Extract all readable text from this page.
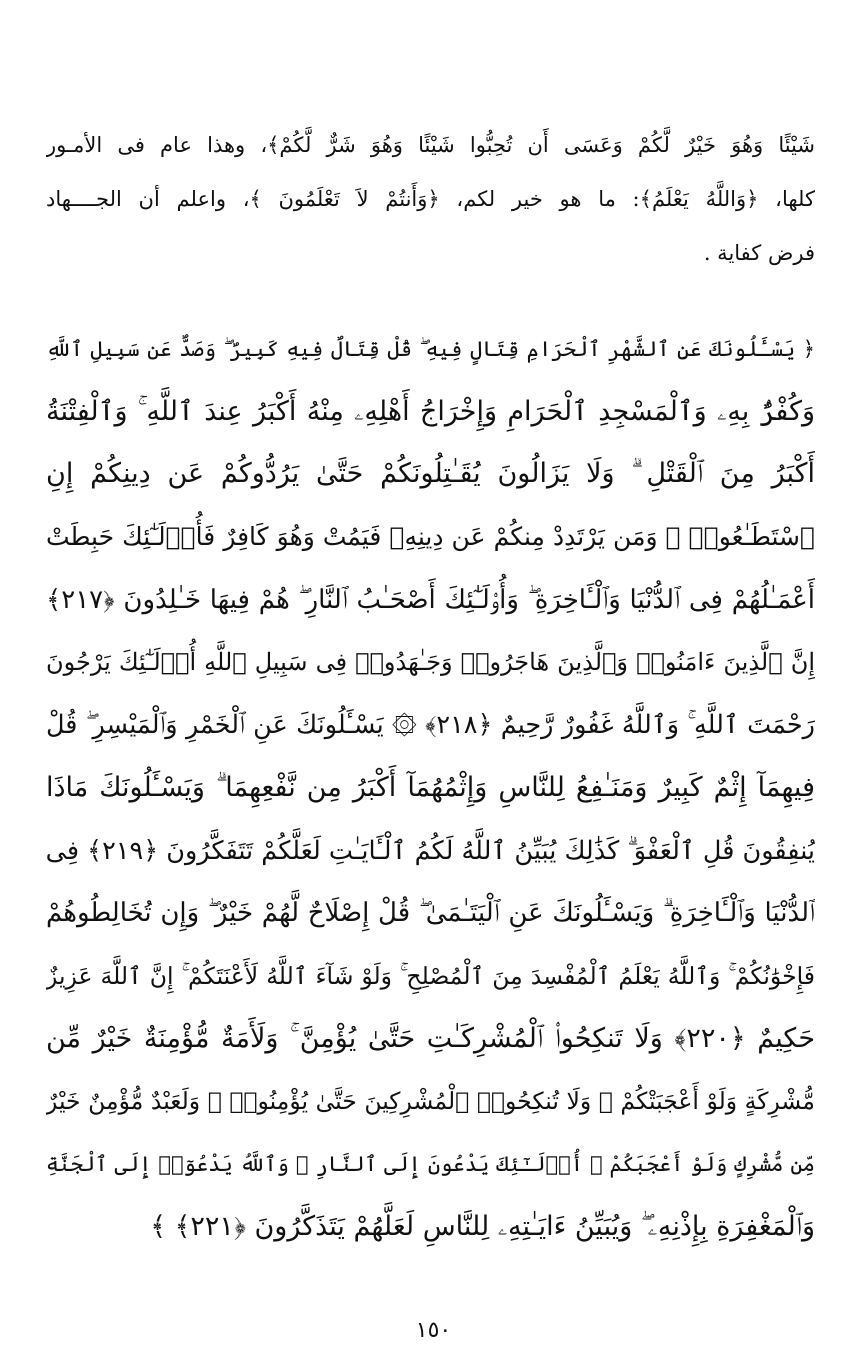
شَيْئًا وَهُوَ خَيْرٌ لَّكُمْ وَعَسَى أَن تُحِبُّوا شَيْئًا وَهُوَ شَرٌّ لَّكُمْ﴾، وهذا عام فى الأمـور
كلها، ﴿وَاللَّهُ يَعْلَمُ﴾: ما هو خير لكم، ﴿وَأَنتُمْ لاَ تَعْلَمُونَ ﴾، واعلم أن الجــــهاد
فرض كفاية .
﴿ يَسْـَٔلُونَكَ عَنِ ٱلشَّهْرِ ٱلْحَرَامِ قِتَالٍ فِيهِ ۖ قُلْ قِتَالٌ فِيهِ كَبِيرٌ ۖ وَصَدٌّ عَن سَبِيلِ ٱللَّهِ
وَكُفْرٌۢ بِهِۦ وَٱلْمَسْجِدِ ٱلْحَرَامِ وَإِخْرَاجُ أَهْلِهِۦ مِنْهُ أَكْبَرُ عِندَ ٱللَّهِ ۚ وَٱلْفِتْنَةُ
أَكْبَرُ مِنَ ٱلْقَتْلِ ۗ وَلَا يَزَالُونَ يُقَـٰتِلُونَكُمْ حَتَّىٰ يَرُدُّوكُمْ عَن دِينِكُمْ إِنِ
ٱسْتَطَـٰعُوا۟ ۚ وَمَن يَرْتَدِدْ مِنكُمْ عَن دِينِهِۦ فَيَمُتْ وَهُوَ كَافِرٌ فَأُو۟لَـٰٓئِكَ حَبِطَتْ
أَعْمَـٰلُهُمْ فِى ٱلدُّنْيَا وَٱلْـَٔاخِرَةِ ۖ وَأُو۟لَـٰٓئِكَ أَصْحَـٰبُ ٱلنَّارِ ۖ هُمْ فِيهَا خَـٰلِدُونَ ﴿٢١٧﴾
إِنَّ ٱلَّذِينَ ءَامَنُوا۟ وَٱلَّذِينَ هَاجَرُوا۟ وَجَـٰهَدُوا۟ فِى سَبِيلِ ٱللَّهِ أُو۟لَـٰٓئِكَ يَرْجُونَ
رَحْمَتَ ٱللَّهِ ۚ وَٱللَّهُ غَفُورٌ رَّحِيمٌ ﴿٢١٨﴾ ۞ يَسْـَٔلُونَكَ عَنِ ٱلْخَمْرِ وَٱلْمَيْسِرِ ۖ قُلْ
فِيهِمَآ إِثْمٌ كَبِيرٌ وَمَنَـٰفِعُ لِلنَّاسِ وَإِثْمُهُمَآ أَكْبَرُ مِن نَّفْعِهِمَا ۗ وَيَسْـَٔلُونَكَ مَاذَا
يُنفِقُونَ قُلِ ٱلْعَفْوَ ۗ كَذَٰلِكَ يُبَيِّنُ ٱللَّهُ لَكُمُ ٱلْـَٔايَـٰتِ لَعَلَّكُمْ تَتَفَكَّرُونَ ﴿٢١٩﴾ فِى
ٱلدُّنْيَا وَٱلْـَٔاخِرَةِ ۗ وَيَسْـَٔلُونَكَ عَنِ ٱلْيَتَـٰمَىٰ ۖ قُلْ إِصْلَاحٌ لَّهُمْ خَيْرٌ ۖ وَإِن تُخَالِطُوهُمْ
فَإِخْوَٰنُكُمْ ۚ وَٱللَّهُ يَعْلَمُ ٱلْمُفْسِدَ مِنَ ٱلْمُصْلِحِ ۚ وَلَوْ شَآءَ ٱللَّهُ لَأَعْنَتَكُمْ ۚ إِنَّ ٱللَّهَ عَزِيزٌ
حَكِيمٌ ﴿٢٢٠﴾ وَلَا تَنكِحُوا۟ ٱلْمُشْرِكَـٰتِ حَتَّىٰ يُؤْمِنَّ ۚ وَلَأَمَةٌ مُّؤْمِنَةٌ خَيْرٌ مِّن
مُّشْرِكَةٍ وَلَوْ أَعْجَبَتْكُمْ ۗ وَلَا تُنكِحُوا۟ ٱلْمُشْرِكِينَ حَتَّىٰ يُؤْمِنُوا۟ ۚ وَلَعَبْدٌ مُّؤْمِنٌ خَيْرٌ
مِّن مُّشْرِكٍ وَلَوْ أَعْجَبَكُمْ ۗ أُو۟لَـٰٓئِكَ يَدْعُونَ إِلَى ٱلنَّارِ ۖ وَٱللَّهُ يَدْعُوٓا۟ إِلَى ٱلْجَنَّةِ
وَٱلْمَغْفِرَةِ بِإِذْنِهِۦ ۖ وَيُبَيِّنُ ءَايَـٰتِهِۦ لِلنَّاسِ لَعَلَّهُمْ يَتَذَكَّرُونَ ﴿٢٢١﴾ ﴾
١٥٠
